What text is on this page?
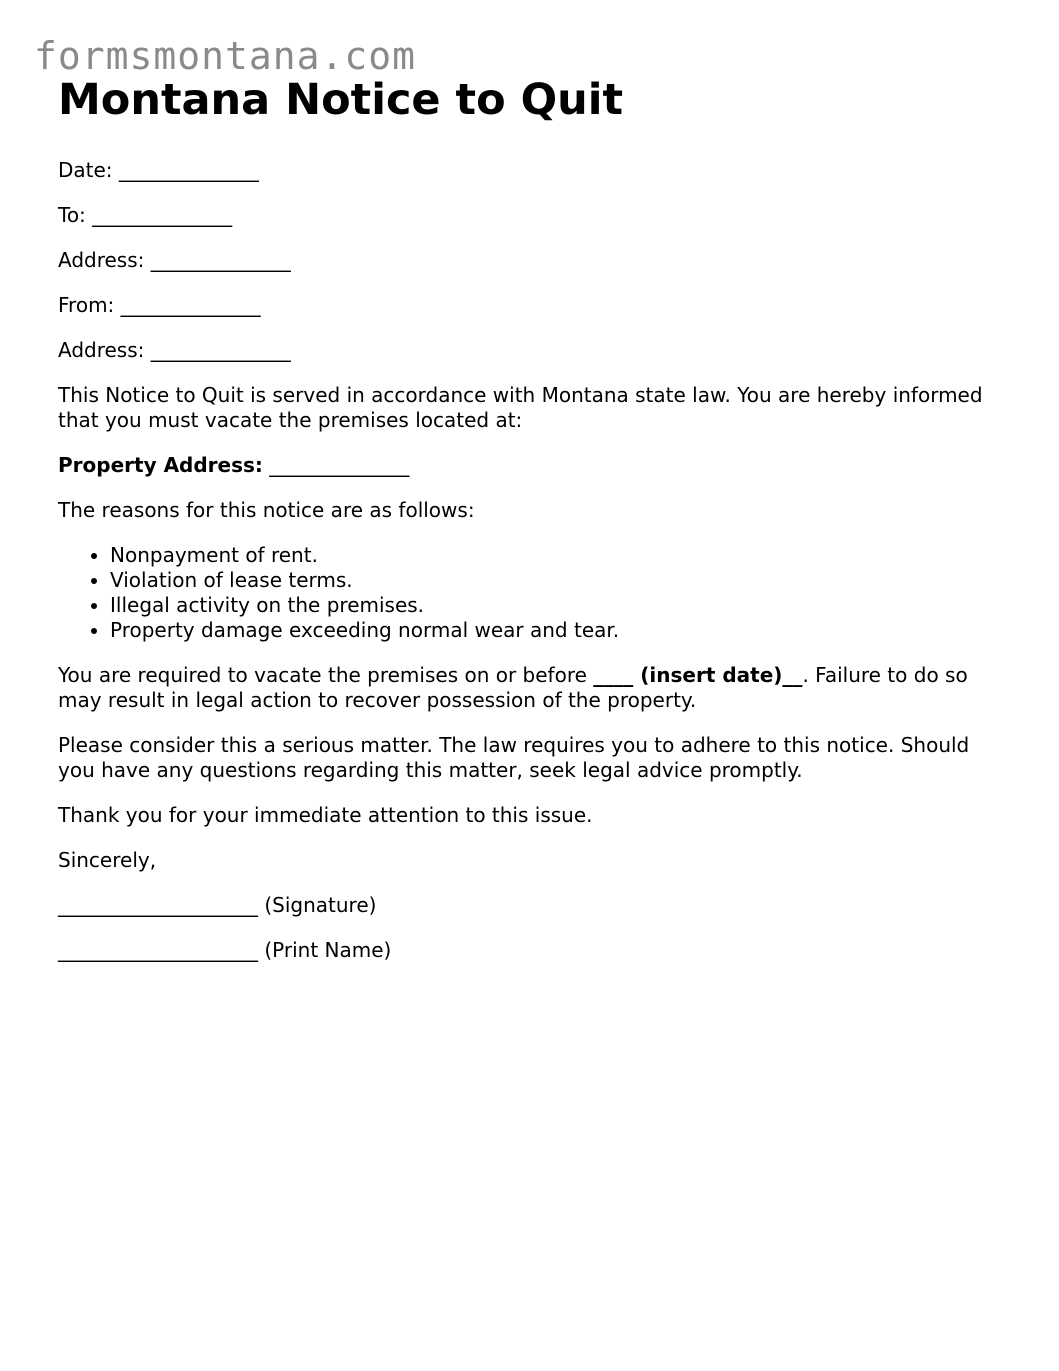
formsmontana.com
Montana Notice to Quit

Date: ______________

To: ______________

Address: ______________

From: ______________

Address: ______________

This Notice to Quit is served in accordance with Montana state law. You are hereby informed that you must vacate the premises located at:

Property Address: ______________

The reasons for this notice are as follows:

• Nonpayment of rent.
• Violation of lease terms.
• Illegal activity on the premises.
• Property damage exceeding normal wear and tear.

You are required to vacate the premises on or before ____ (insert date)__. Failure to do so may result in legal action to recover possession of the property.

Please consider this a serious matter. The law requires you to adhere to this notice. Should you have any questions regarding this matter, seek legal advice promptly.

Thank you for your immediate attention to this issue.

Sincerely,

____________________ (Signature)

____________________ (Print Name)
